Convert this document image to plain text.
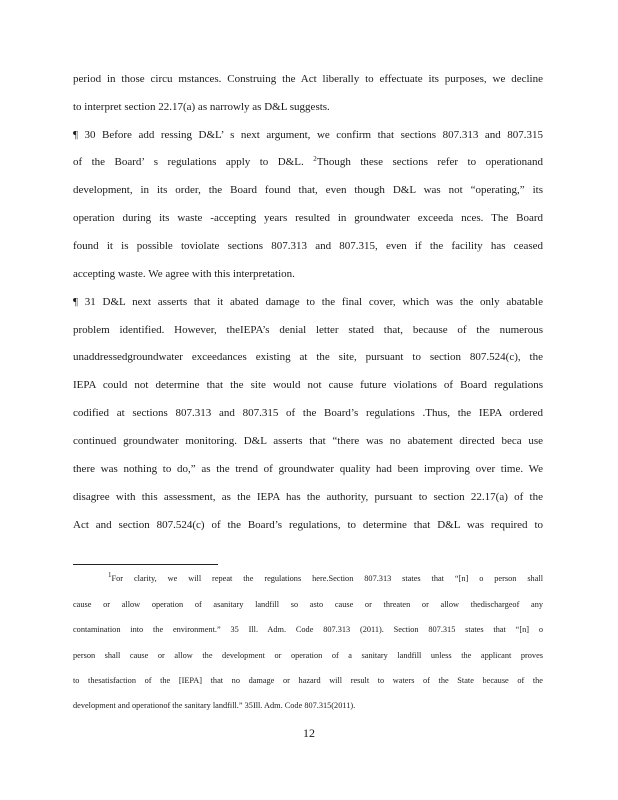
period in those circu mstances. Construing the Act liberally to effectuate its purposes, we decline

to interpret section 22.17(a) as narrowly as D&L suggests.

¶ 30 Before add ressing D&L’ s next argument, we confirm that sections 807.313 and 807.315

of the Board’ s regulations apply to D&L. $^2$Though these sections refer to operationand

development, in its order, the Board found that, even though D&L was not “operating,” its

operation during its waste -accepting years resulted in groundwater exceeda nces. The Board

found it is possible toviolate sections 807.313 and 807.315, even if the facility has ceased

accepting waste. We agree with this interpretation.

¶ 31 D&L next asserts that it abated damage to the final cover, which was the only abatable

problem identified. However, theIEPA’s denial letter stated that, because of the numerous

unaddressedgroundwater exceedances existing at the site, pursuant to section 807.524(c), the

IEPA could not determine that the site would not cause future violations of Board regulations

codified at sections 807.313 and 807.315 of the Board’s regulations .Thus, the IEPA ordered

continued groundwater monitoring. D&L asserts that “there was no abatement directed beca use

there was nothing to do,” as the trend of groundwater quality had been improving over time. We

disagree with this assessment, as the IEPA has the authority, pursuant to section 22.17(a) of the

Act and section 807.524(c) of the Board’s regulations, to determine that D&L was required to

$^1$For clarity, we will repeat the regulations here.Section 807.313 states that “[n] o person shall

cause or allow operation of asanitary landfill so asto cause or threaten or allow thedischargeof any

contamination into the environment.” 35 Ill. Adm. Code 807.313 (2011). Section 807.315 states that “[n] o

person shall cause or allow the development or operation of a sanitary landfill unless the applicant proves

to thesatisfaction of the [IEPA] that no damage or hazard will result to waters of the State because of the

development and operationof the sanitary landfill.” 35Ill. Adm. Code 807.315(2011).

12
